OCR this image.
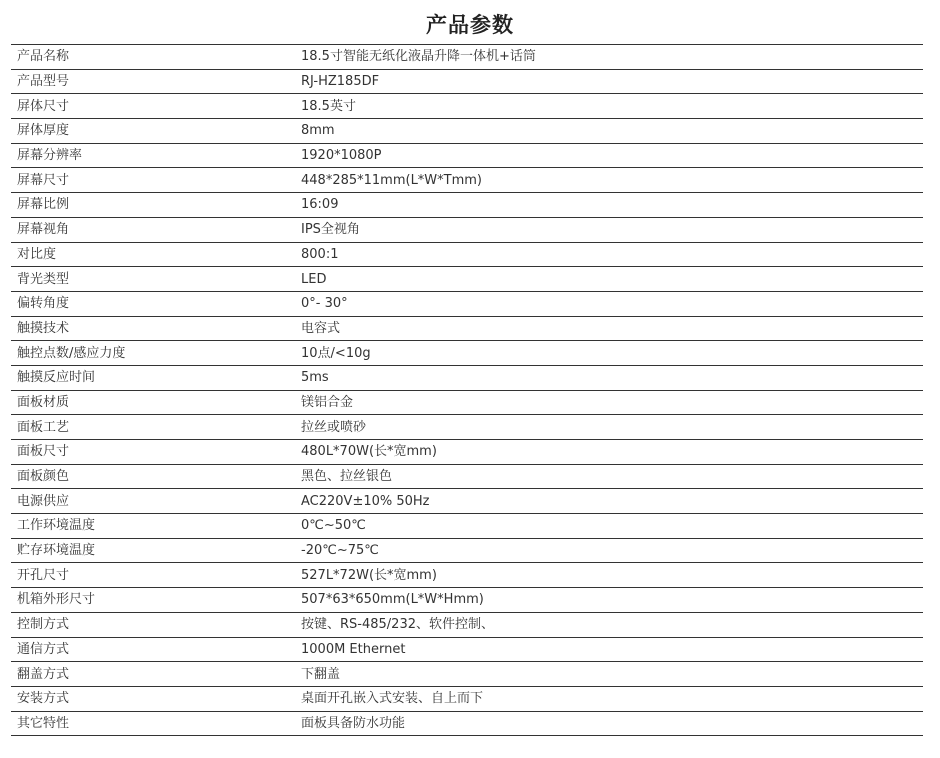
产品参数
产品名称	18.5寸智能无纸化液晶升降一体机+话筒
产品型号	RJ-HZ185DF
屏体尺寸	18.5英寸
屏体厚度	8mm
屏幕分辨率	1920*1080P
屏幕尺寸	448*285*11mm(L*W*Tmm)
屏幕比例	16:09
屏幕视角	IPS全视角
对比度	800:1
背光类型	LED
偏转角度	0°- 30°
触摸技术	电容式
触控点数/感应力度	10点/<10g
触摸反应时间	5ms
面板材质	镁铝合金
面板工艺	拉丝或喷砂
面板尺寸	480L*70W(长*宽mm)
面板颜色	黑色、拉丝银色
电源供应	AC220V±10% 50Hz
工作环境温度	0℃~50℃
贮存环境温度	-20℃~75℃
开孔尺寸	527L*72W(长*宽mm)
机箱外形尺寸	507*63*650mm(L*W*Hmm)
控制方式	按键、RS-485/232、软件控制、
通信方式	1000M Ethernet
翻盖方式	下翻盖
安装方式	桌面开孔嵌入式安装、自上而下
其它特性	面板具备防水功能
